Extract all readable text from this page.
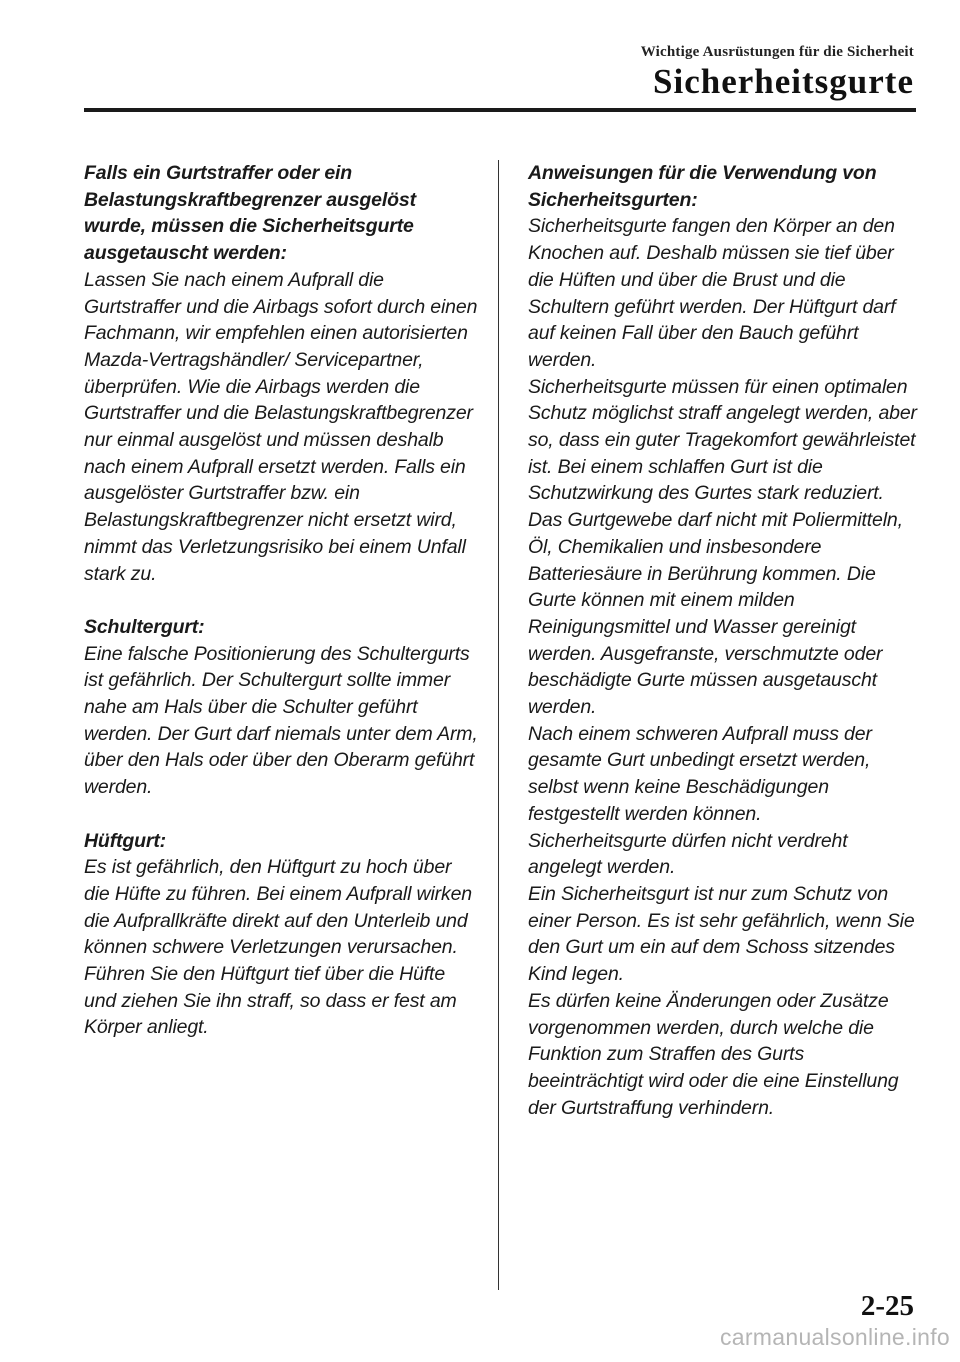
Wichtige Ausrüstungen für die Sicherheit
Sicherheitsgurte
Falls ein Gurtstraffer oder ein Belastungskraftbegrenzer ausgelöst wurde, müssen die Sicherheitsgurte ausgetauscht werden:
Lassen Sie nach einem Aufprall die Gurtstraffer und die Airbags sofort durch einen Fachmann, wir empfehlen einen autorisierten Mazda-Vertragshändler/ Servicepartner, überprüfen. Wie die Airbags werden die Gurtstraffer und die Belastungskraftbegrenzer nur einmal ausgelöst und müssen deshalb nach einem Aufprall ersetzt werden. Falls ein ausgelöster Gurtstraffer bzw. ein Belastungskraftbegrenzer nicht ersetzt wird, nimmt das Verletzungsrisiko bei einem Unfall stark zu.
Schultergurt:
Eine falsche Positionierung des Schultergurts ist gefährlich. Der Schultergurt sollte immer nahe am Hals über die Schulter geführt werden. Der Gurt darf niemals unter dem Arm, über den Hals oder über den Oberarm geführt werden.
Hüftgurt:
Es ist gefährlich, den Hüftgurt zu hoch über die Hüfte zu führen. Bei einem Aufprall wirken die Aufprallkräfte direkt auf den Unterleib und können schwere Verletzungen verursachen. Führen Sie den Hüftgurt tief über die Hüfte und ziehen Sie ihn straff, so dass er fest am Körper anliegt.
Anweisungen für die Verwendung von Sicherheitsgurten:
Sicherheitsgurte fangen den Körper an den Knochen auf. Deshalb müssen sie tief über die Hüften und über die Brust und die Schultern geführt werden. Der Hüftgurt darf auf keinen Fall über den Bauch geführt werden.
Sicherheitsgurte müssen für einen optimalen Schutz möglichst straff angelegt werden, aber so, dass ein guter Tragekomfort gewährleistet ist. Bei einem schlaffen Gurt ist die Schutzwirkung des Gurtes stark reduziert.
Das Gurtgewebe darf nicht mit Poliermitteln, Öl, Chemikalien und insbesondere Batteriesäure in Berührung kommen. Die Gurte können mit einem milden Reinigungsmittel und Wasser gereinigt werden. Ausgefranste, verschmutzte oder beschädigte Gurte müssen ausgetauscht werden.
Nach einem schweren Aufprall muss der gesamte Gurt unbedingt ersetzt werden, selbst wenn keine Beschädigungen festgestellt werden können.
Sicherheitsgurte dürfen nicht verdreht angelegt werden.
Ein Sicherheitsgurt ist nur zum Schutz von einer Person. Es ist sehr gefährlich, wenn Sie den Gurt um ein auf dem Schoss sitzendes Kind legen.
Es dürfen keine Änderungen oder Zusätze vorgenommen werden, durch welche die Funktion zum Straffen des Gurts beeinträchtigt wird oder die eine Einstellung der Gurtstraffung verhindern.
2-25
carmanualsonline.info
